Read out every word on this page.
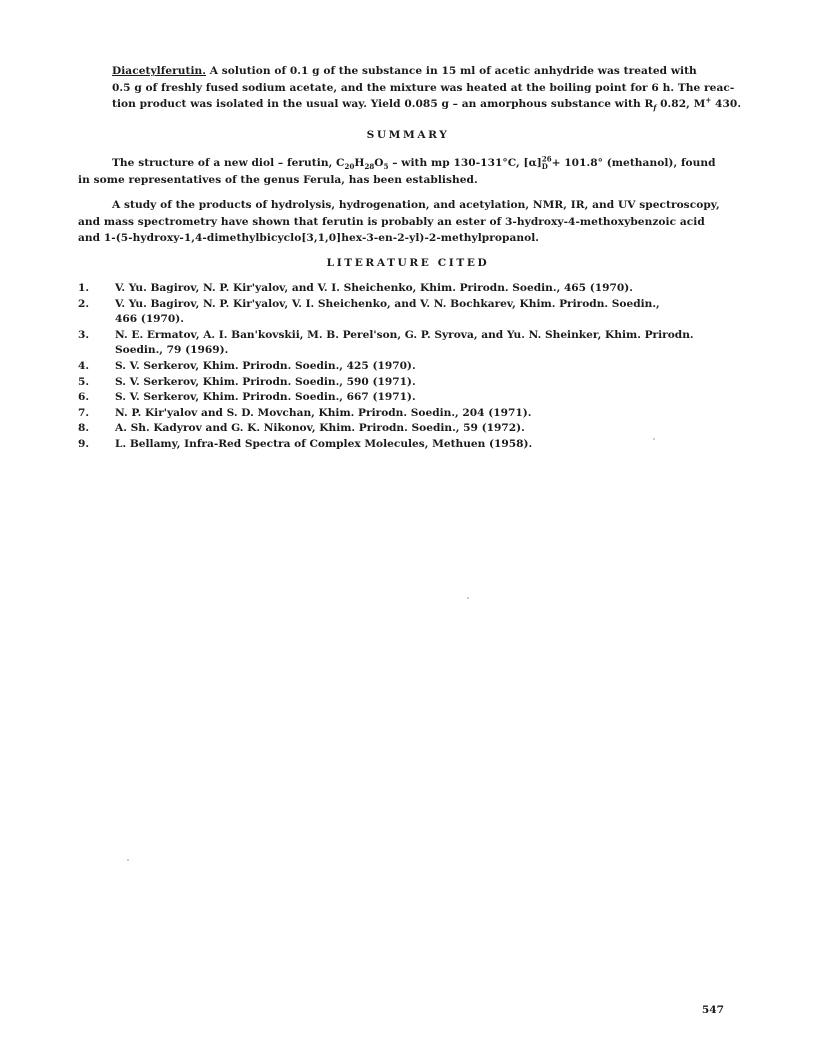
Diacetylferutin. A solution of 0.1 g of the substance in 15 ml of acetic anhydride was treated with
0.5 g of freshly fused sodium acetate, and the mixture was heated at the boiling point for 6 h. The reac-
tion product was isolated in the usual way. Yield 0.085 g – an amorphous substance with $R_f$ 0.82, M+ 430.

SUMMARY

The structure of a new diol – ferutin, $C_{20}H_{28}O_5$ – with mp 130-131°C, $[\alpha]^{26}_D + 101.8^\circ$ (methanol), found
in some representatives of the genus Ferula, has been established.

A study of the products of hydrolysis, hydrogenation, and acetylation, NMR, IR, and UV spectroscopy,
and mass spectrometry have shown that ferutin is probably an ester of 3-hydroxy-4-methoxybenzoic acid
and 1-(5-hydroxy-1,4-dimethylbicyclo[3,1,0]hex-3-en-2-yl)-2-methylpropanol.

LITERATURE CITED
1.	V. Yu. Bagirov, N. P. Kir'yalov, and V. I. Sheichenko, Khim. Prirodn. Soedin., 465 (1970).
2.	V. Yu. Bagirov, N. P. Kir'yalov, V. I. Sheichenko, and V. N. Bochkarev, Khim. Prirodn. Soedin.,
466 (1970).
3.	N. E. Ermatov, A. I. Ban'kovskii, M. B. Perel'son, G. P. Syrova, and Yu. N. Sheinker, Khim. Prirodn.
Soedin., 79 (1969).
4.	S. V. Serkerov, Khim. Prirodn. Soedin., 425 (1970).
5.	S. V. Serkerov, Khim. Prirodn. Soedin., 590 (1971).
6.	S. V. Serkerov, Khim. Prirodn. Soedin., 667 (1971).
7.	N. P. Kir'yalov and S. D. Movchan, Khim. Prirodn. Soedin., 204 (1971).
8.	A. Sh. Kadyrov and G. K. Nikonov, Khim. Prirodn. Soedin., 59 (1972).
9.	L. Bellamy, Infra-Red Spectra of Complex Molecules, Methuen (1958).
547
